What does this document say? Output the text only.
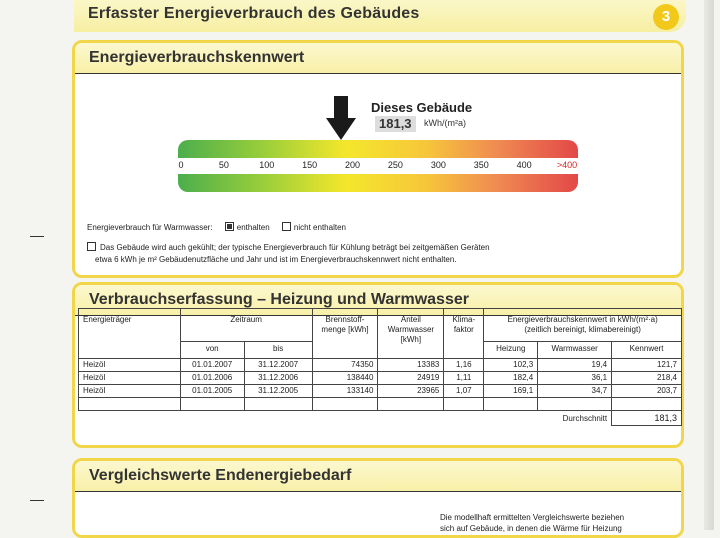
Erfasster Energieverbrauch des Gebäudes	3
Energieverbrauchskennwert
Dieses Gebäude
181,3	kWh/(m²a)
0	50	100	150	200	250	300	350	400	>400
Energieverbrauch für Warmwasser:	enthalten	nicht enthalten
Das Gebäude wird auch gekühlt; der typische Energieverbrauch für Kühlung beträgt bei zeitgemäßen Geräten
etwa 6 kWh je m² Gebäudenutzfläche und Jahr und ist im Energieverbrauchskennwert nicht enthalten.
Verbrauchserfassung – Heizung und Warmwasser
Energieträger	Zeitraum		Brennstoff-menge [kWh]	Anteil Warmwasser [kWh]	Klima-faktor	Energieverbrauchskennwert in kWh/(m²·a)
(zeitlich bereinigt, klimabereinigt)		
	von	bis				Heizung	Warmwasser	Kennwert
Heizöl	01.01.2007	31.12.2007	74350	13383	1,16	102,3	19,4	121,7
Heizöl	01.01.2006	31.12.2006	138440	24919	1,11	182,4	36,1	218,4
Heizöl	01.01.2005	31.12.2005	133140	23965	1,07	169,1	34,7	203,7

Durchschnitt								181,3
Vergleichswerte Endenergiebedarf
Die modellhaft ermittelten Vergleichswerte beziehen
sich auf Gebäude, in denen die Wärme für Heizung
